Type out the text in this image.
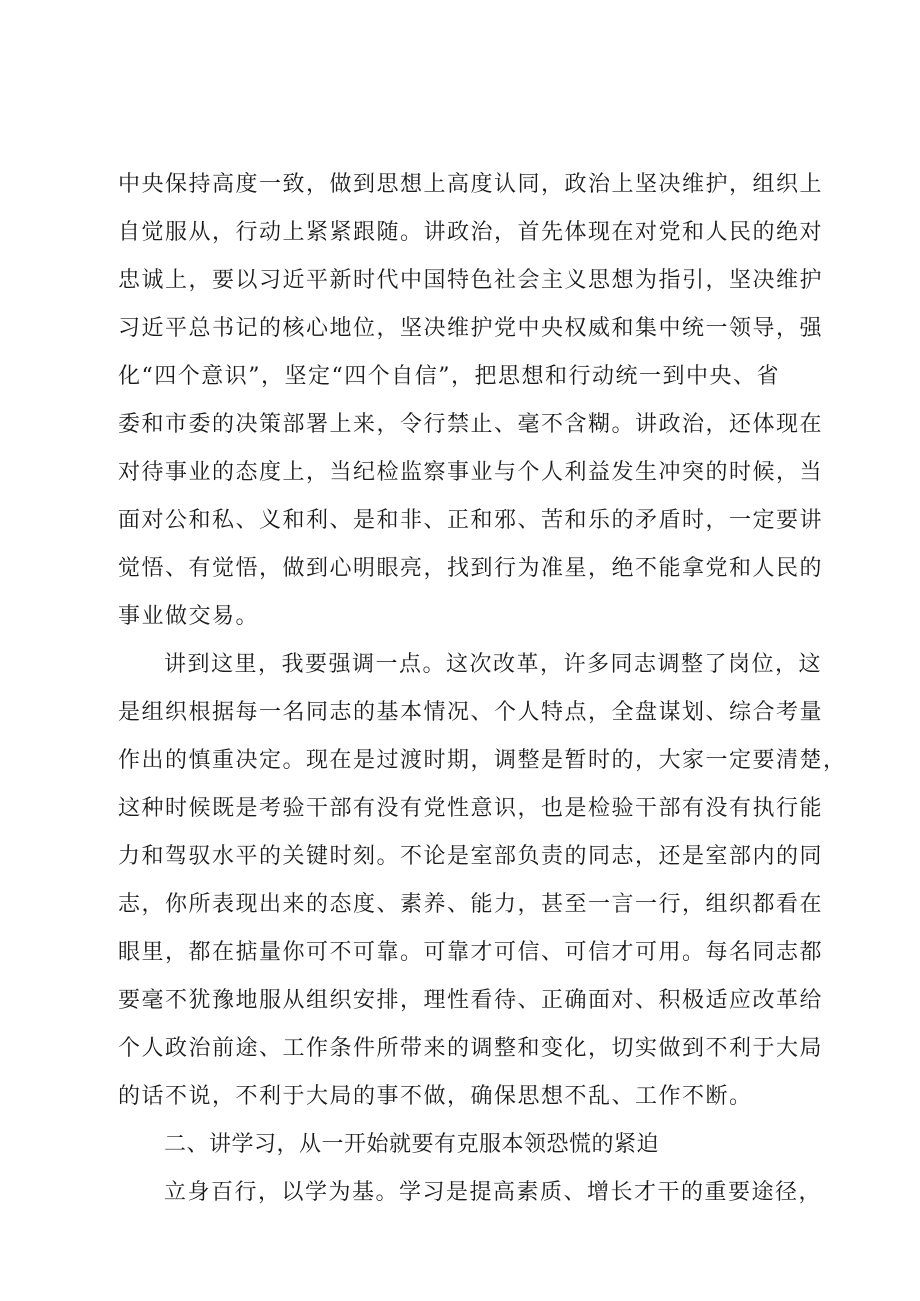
中央保持高度一致，做到思想上高度认同，政治上坚决维护，组织上
自觉服从，行动上紧紧跟随。讲政治，首先体现在对党和人民的绝对
忠诚上，要以习近平新时代中国特色社会主义思想为指引，坚决维护
习近平总书记的核心地位，坚决维护党中央权威和集中统一领导，强
化“四个意识”，坚定“四个自信”，把思想和行动统一到中央、省
委和市委的决策部署上来，令行禁止、毫不含糊。讲政治，还体现在
对待事业的态度上，当纪检监察事业与个人利益发生冲突的时候，当
面对公和私、义和利、是和非、正和邪、苦和乐的矛盾时，一定要讲
觉悟、有觉悟，做到心明眼亮，找到行为准星，绝不能拿党和人民的
事业做交易。
讲到这里，我要强调一点。这次改革，许多同志调整了岗位，这
是组织根据每一名同志的基本情况、个人特点，全盘谋划、综合考量
作出的慎重决定。现在是过渡时期，调整是暂时的，大家一定要清楚，
这种时候既是考验干部有没有党性意识，也是检验干部有没有执行能
力和驾驭水平的关键时刻。不论是室部负责的同志，还是室部内的同
志，你所表现出来的态度、素养、能力，甚至一言一行，组织都看在
眼里，都在掂量你可不可靠。可靠才可信、可信才可用。每名同志都
要毫不犹豫地服从组织安排，理性看待、正确面对、积极适应改革给
个人政治前途、工作条件所带来的调整和变化，切实做到不利于大局
的话不说，不利于大局的事不做，确保思想不乱、工作不断。
二、讲学习，从一开始就要有克服本领恐慌的紧迫
立身百行，以学为基。学习是提高素质、增长才干的重要途径，
